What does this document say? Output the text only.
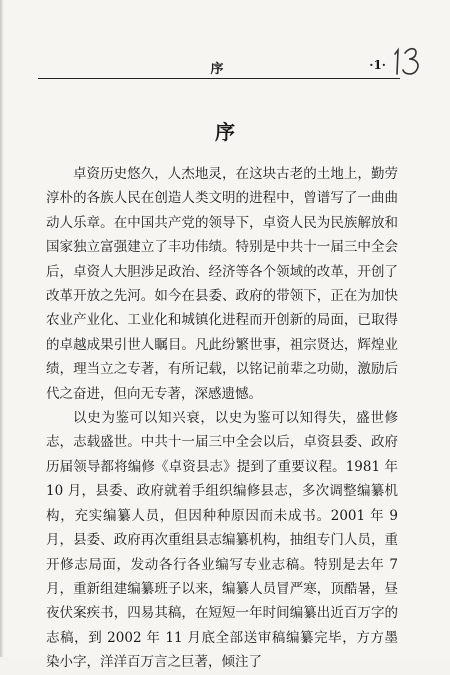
序	·1·
序

卓资历史悠久，人杰地灵，在这块古老的土地上，勤劳淳朴的各族人民在创造人类文明的进程中，曾谱写了一曲曲动人乐章。在中国共产党的领导下，卓资人民为民族解放和国家独立富强建立了丰功伟绩。特别是中共十一届三中全会后，卓资人大胆涉足政治、经济等各个领域的改革，开创了改革开放之先河。如今在县委、政府的带领下，正在为加快农业产业化、工业化和城镇化进程而开创新的局面，已取得的卓越成果引世人瞩目。凡此纷繁世事，祖宗贤达，辉煌业绩，理当立之专著，有所记载，以铭记前辈之功勋，激励后代之奋进，但向无专著，深感遗憾。

以史为鉴可以知兴衰，以史为鉴可以知得失，盛世修志，志载盛世。中共十一届三中全会以后，卓资县委、政府历届领导都将编修《卓资县志》提到了重要议程。1981 年 10 月，县委、政府就着手组织编修县志，多次调整编纂机构，充实编纂人员，但因种种原因而未成书。2001 年 9 月，县委、政府再次重组县志编纂机构，抽组专门人员，重开修志局面，发动各行各业编写专业志稿。特别是去年 7 月，重新组建编纂班子以来，编纂人员冒严寒，顶酷暑，昼夜伏案疾书，四易其稿，在短短一年时间编纂出近百万字的志稿，到 2002 年 11 月底全部送审稿编纂完毕，方方墨染小字，洋洋百万言之巨著，倾注了
